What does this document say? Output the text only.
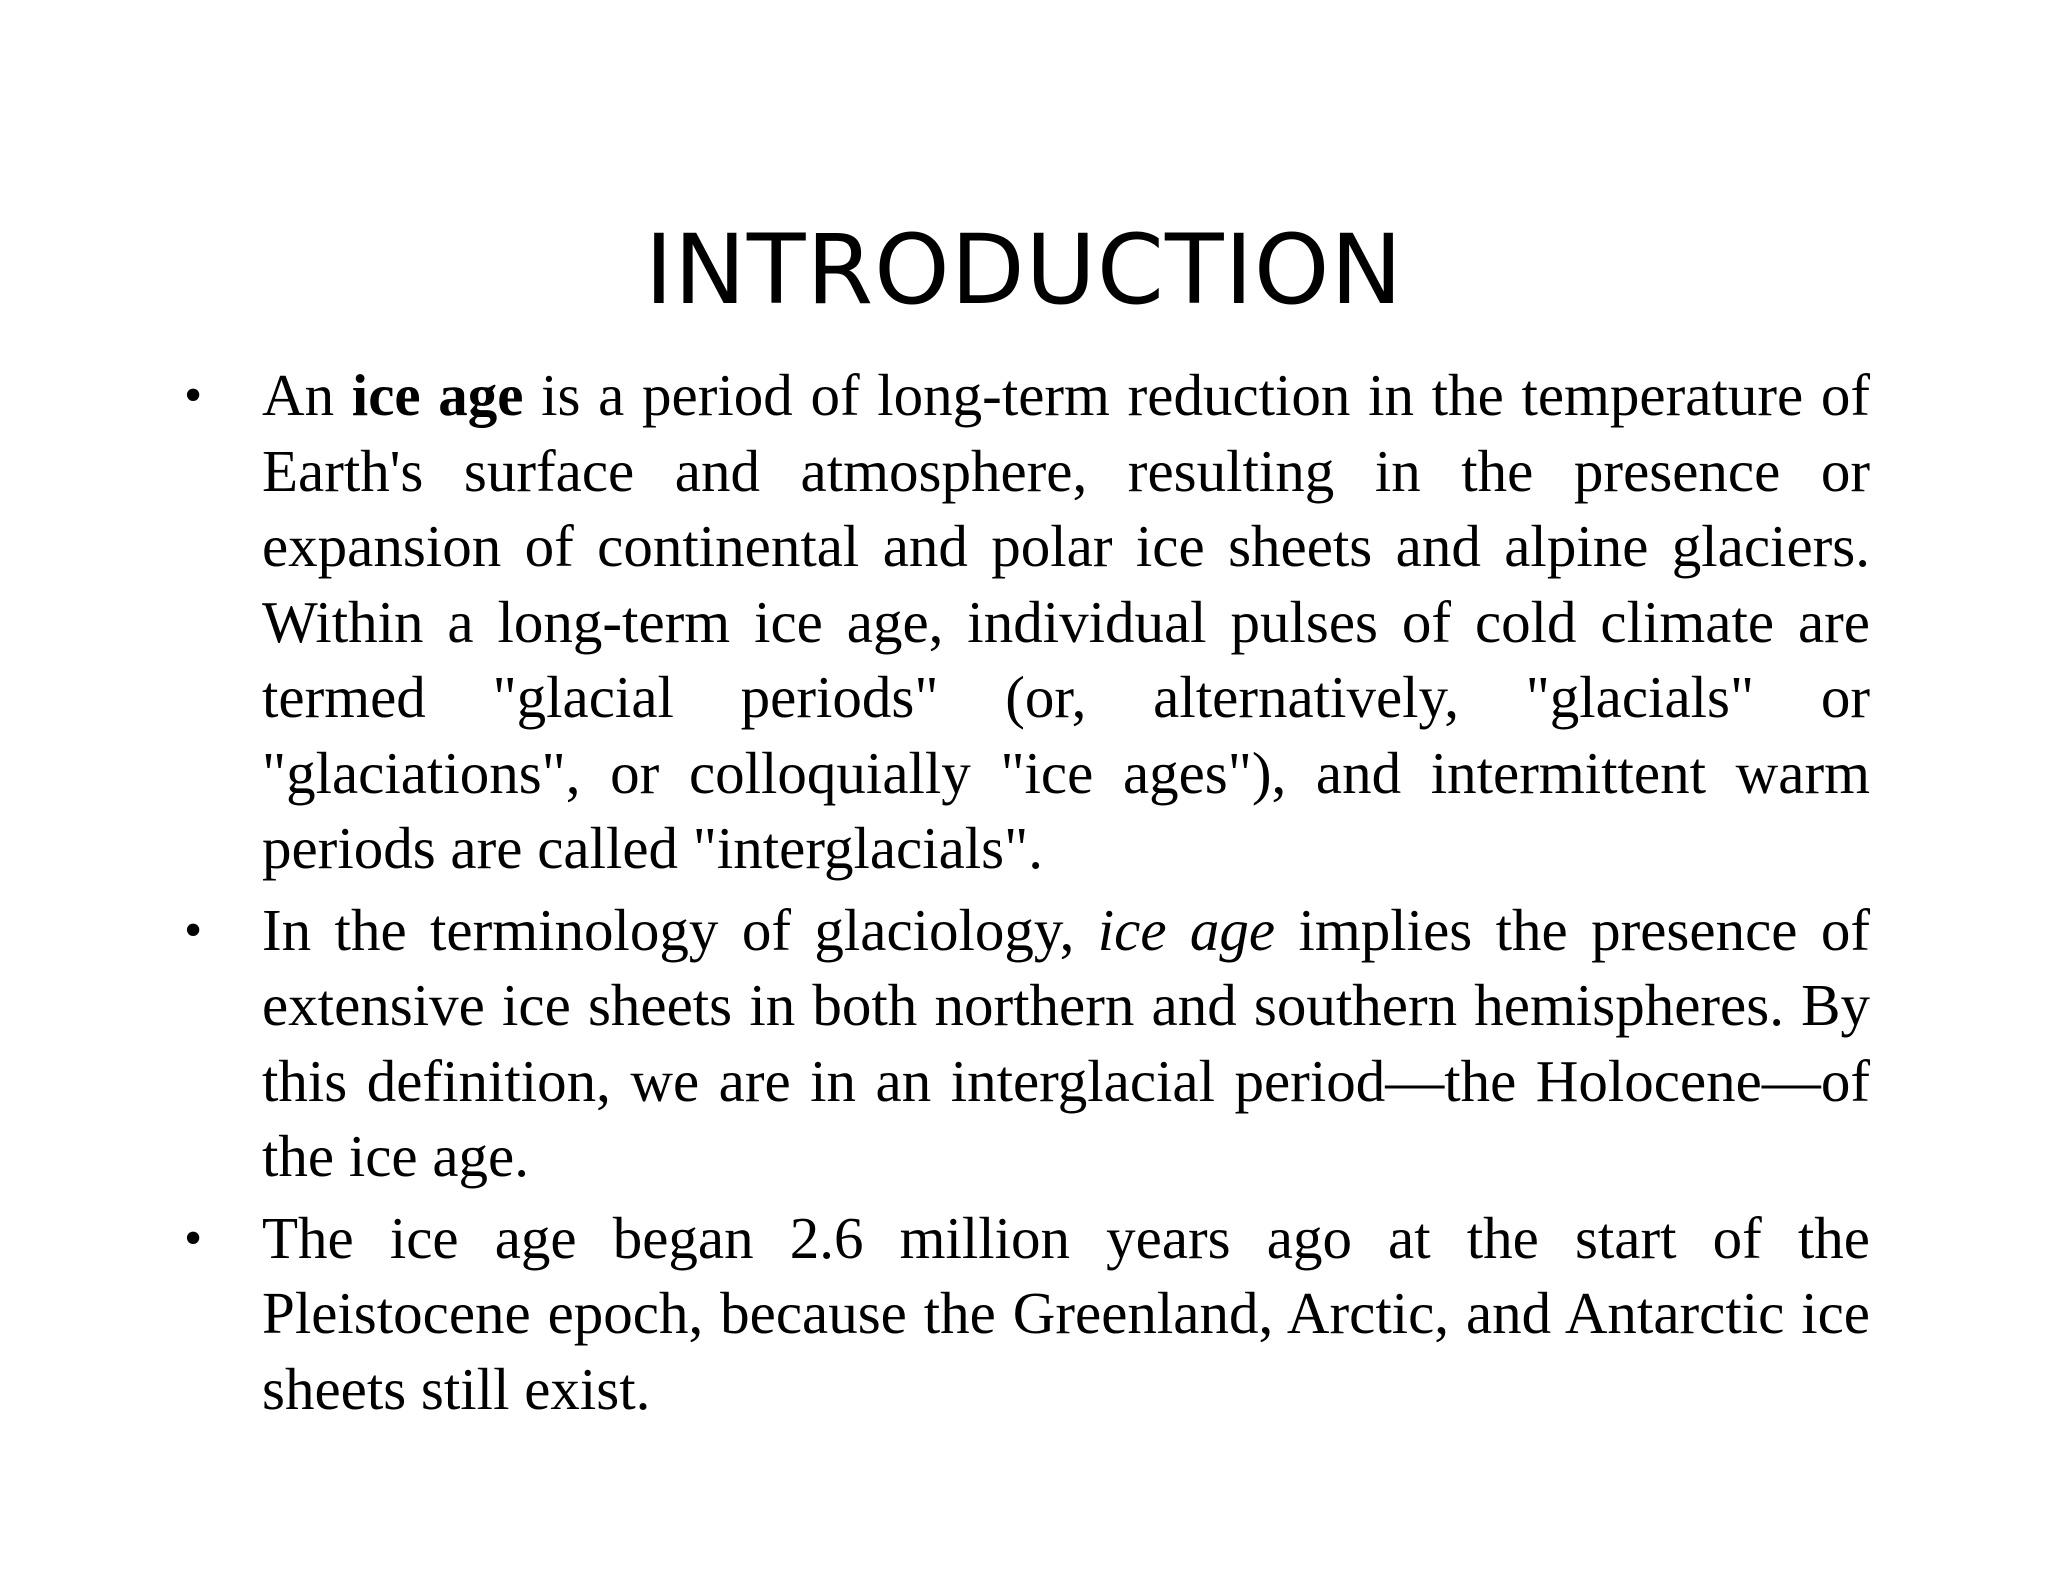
INTRODUCTION
•	An ice age is a period of long-term reduction in the temperature of Earth's surface and atmosphere, resulting in the presence or expansion of continental and polar ice sheets and alpine glaciers. Within a long-term ice age, individual pulses of cold climate are termed "glacial periods" (or, alternatively, "glacials" or "glaciations", or colloquially "ice ages"), and intermittent warm periods are called "interglacials".
•	In the terminology of glaciology, ice age implies the presence of extensive ice sheets in both northern and southern hemispheres. By this definition, we are in an interglacial period—the Holocene—of the ice age.
•	The ice age began 2.6 million years ago at the start of the Pleistocene epoch, because the Greenland, Arctic, and Antarctic ice sheets still exist.
